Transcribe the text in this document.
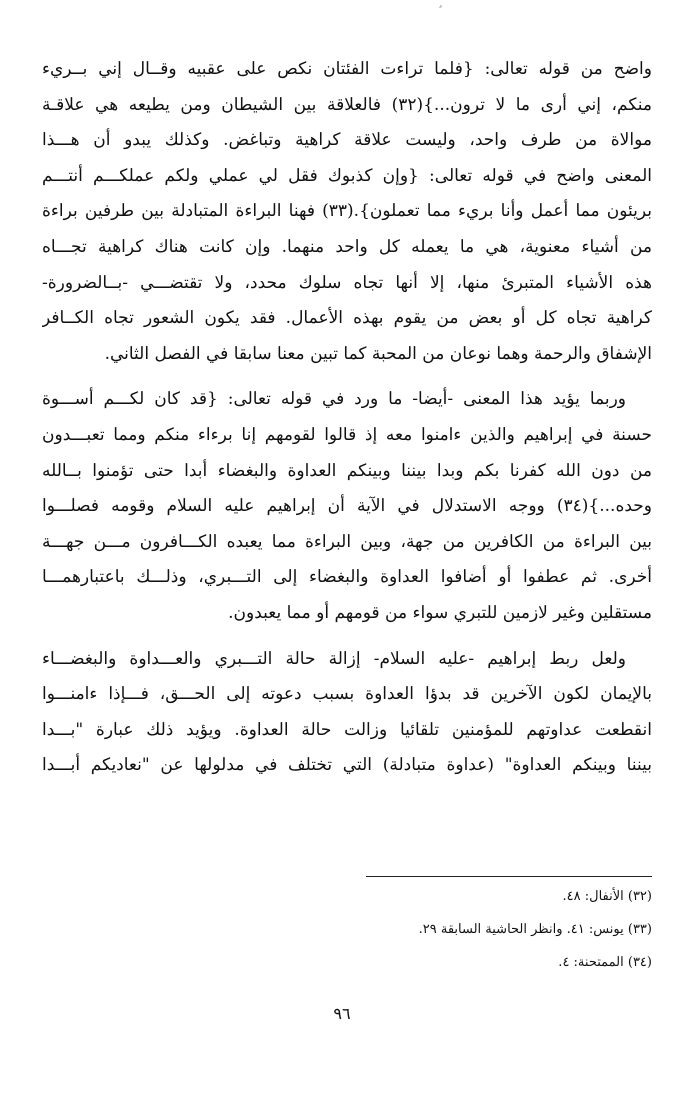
واضح من قوله تعالى: {فلما تراءت الفئتان نكص على عقبيه وقــال إني بــريء
منكم، إني أرى ما لا ترون...}(٣٢) فالعلاقة بين الشيطان ومن يطيعه هي علاقـة
موالاة من طرف واحد، وليست علاقة كراهية وتباغض. وكذلك يبدو أن هـــذا
المعنى واضح في قوله تعالى: {وإن كذبوك فقل لي عملي ولكم عملكـــم أنتـــم
بريئون مما أعمل وأنا بريء مما تعملون}.(٣٣) فهنا البراءة المتبادلة بين طرفين براءة
من أشياء معنوية، هي ما يعمله كل واحد منهما. وإن كانت هناك كراهية تجـــاه
هذه الأشياء المتبرئ منها، إلا أنها تجاه سلوك محدد، ولا تقتضـــي -بــالضرورة-
كراهية تجاه كل أو بعض من يقوم بهذه الأعمال. فقد يكون الشعور تجاه الكــافر
الإشفاق والرحمة وهما نوعان من المحبة كما تبين معنا سابقا في الفصل الثاني.
وربما يؤيد هذا المعنى -أيضا- ما ورد في قوله تعالى: {قد كان لكـــم أســـوة
حسنة في إبراهيم والذين ءامنوا معه إذ قالوا لقومهم إنا برءاء منكم ومما تعبـــدون
من دون الله كفرنا بكم وبدا بيننا وبينكم العداوة والبغضاء أبدا حتى تؤمنوا بــالله
وحده...}(٣٤) ووجه الاستدلال في الآية أن إبراهيم عليه السلام وقومه فصلـــوا
بين البراءة من الكافرين من جهة، وبين البراءة مما يعبده الكـــافرون مـــن جهـــة
أخرى. ثم عطفوا أو أضافوا العداوة والبغضاء إلى التـــبري، وذلـــك باعتبارهمـــا
مستقلين وغير لازمين للتبري سواء من قومهم أو مما يعبدون.
ولعل ربط إبراهيم -عليه السلام- إزالة حالة التـــبري والعـــداوة والبغضـــاء
بالإيمان لكون الآخرين قد بدؤا العداوة بسبب دعوته إلى الحـــق، فـــإذا ءامنـــوا
انقطعت عداوتهم للمؤمنين تلقائيا وزالت حالة العداوة. ويؤيد ذلك عبارة "بـــدا
بيننا وبينكم العداوة" (عداوة متبادلة) التي تختلف في مدلولها عن "نعاديكم أبـــدا
(٣٢) الأنفال: ٤٨.
(٣٣) يونس: ٤١. وانظر الحاشية السابقة ٢٩.
(٣٤) الممتحنة: ٤.
٩٦
